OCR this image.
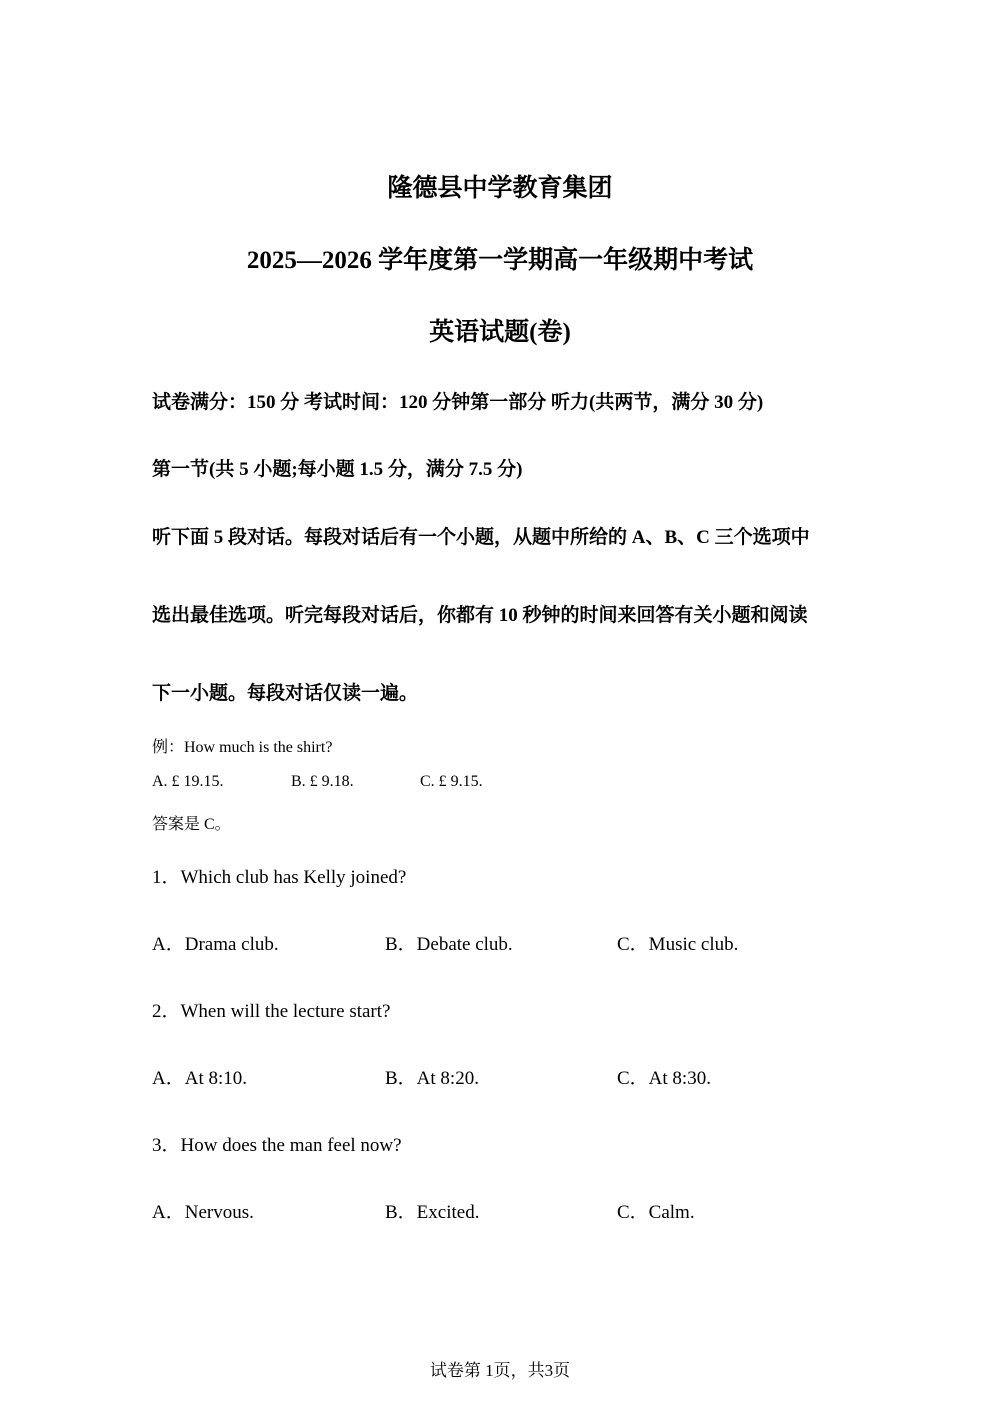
隆德县中学教育集团
2025—2026 学年度第一学期高一年级期中考试
英语试题(卷)
试卷满分：150 分 考试时间：120 分钟第一部分 听力(共两节，满分 30 分)
第一节(共 5 小题;每小题 1.5 分，满分 7.5 分)
听下面 5 段对话。每段对话后有一个小题，从题中所给的 A、B、C 三个选项中
选出最佳选项。听完每段对话后，你都有 10 秒钟的时间来回答有关小题和阅读
下一小题。每段对话仅读一遍。
例：How much is the shirt?
A. £ 19.15.	B. £ 9.18.	C. £ 9.15.
答案是 C。
1．Which club has Kelly joined?
A．Drama club.	B．Debate club.	C．Music club.
2．When will the lecture start?
A．At 8:10.	B．At 8:20.	C．At 8:30.
3．How does the man feel now?
A．Nervous.	B．Excited.	C．Calm.
试卷第 1页，共3页
